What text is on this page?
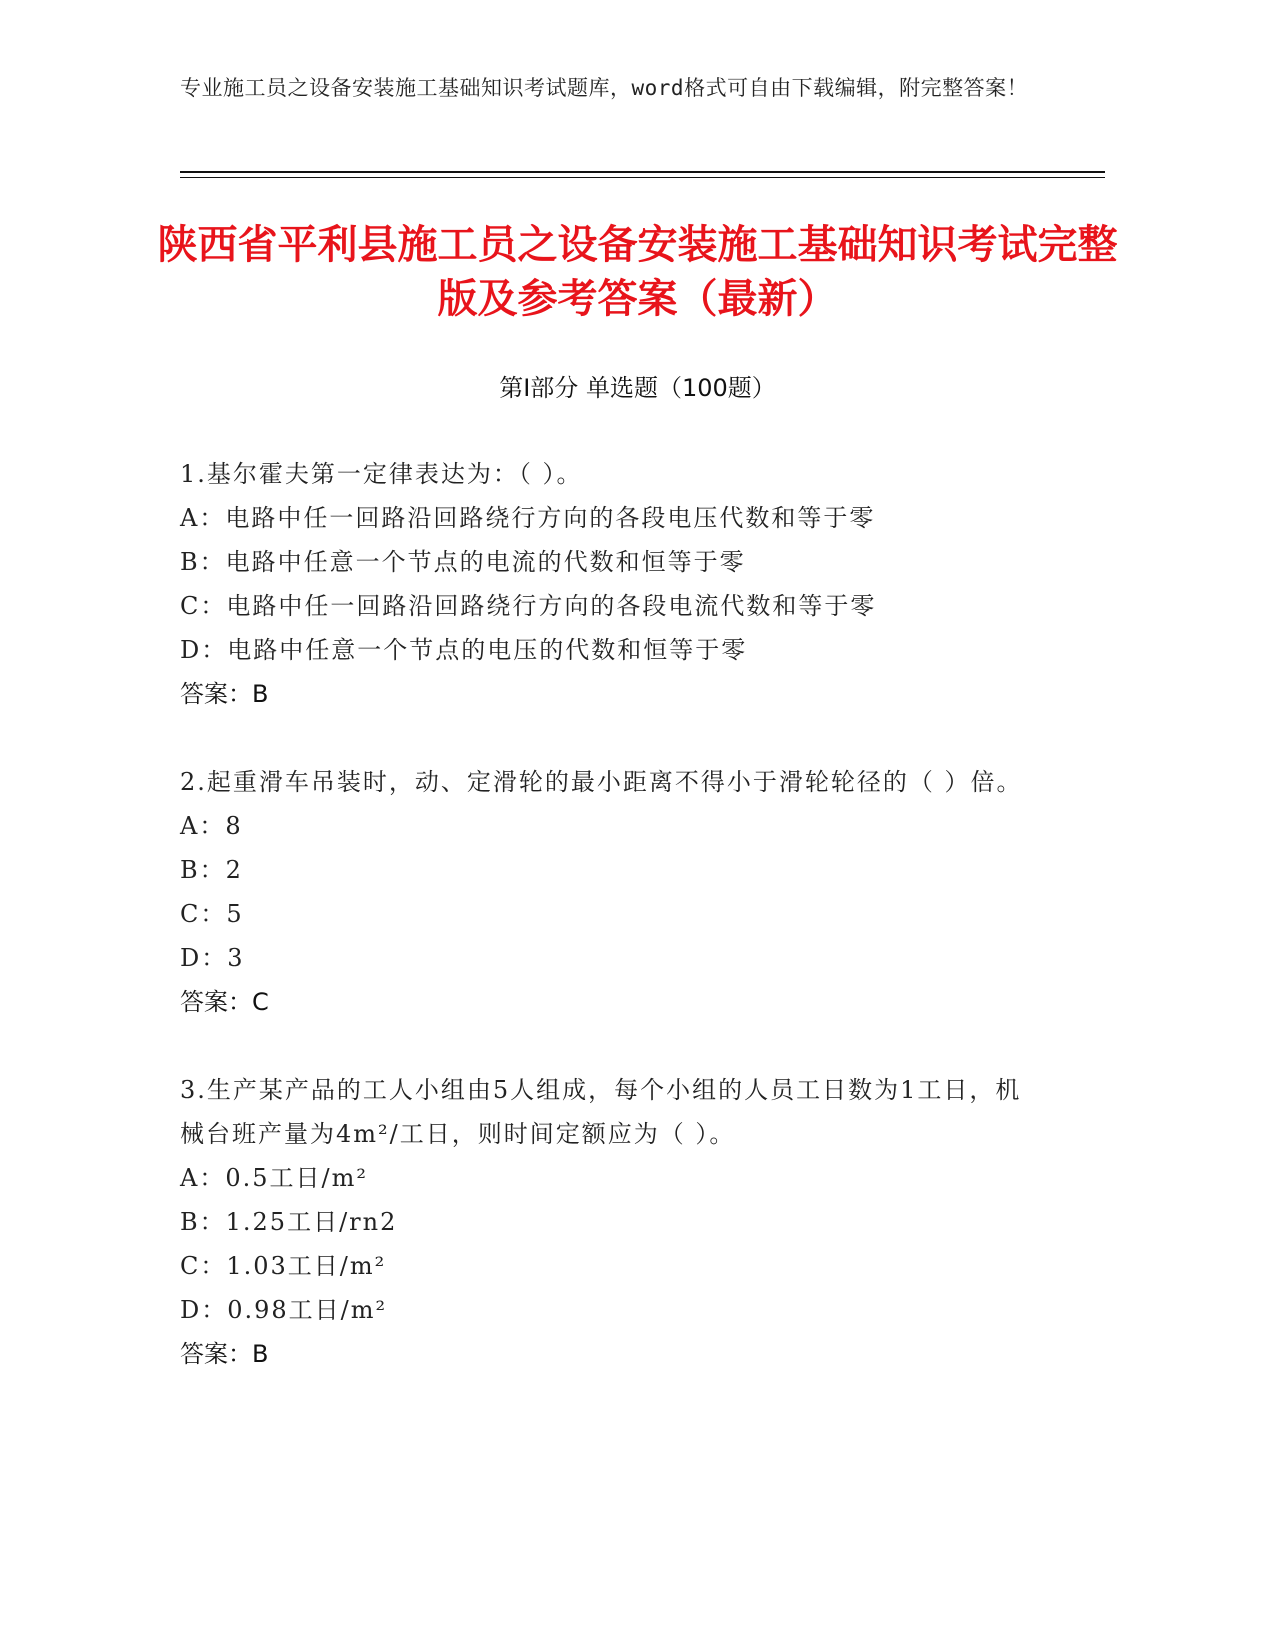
专业施工员之设备安装施工基础知识考试题库，word格式可自由下载编辑，附完整答案！
陕西省平利县施工员之设备安装施工基础知识考试完整版及参考答案（最新）
第Ⅰ部分 单选题（100题）
1.基尔霍夫第一定律表达为：（ ）。
A：电路中任一回路沿回路绕行方向的各段电压代数和等于零
B：电路中任意一个节点的电流的代数和恒等于零
C：电路中任一回路沿回路绕行方向的各段电流代数和等于零
D：电路中任意一个节点的电压的代数和恒等于零
答案：B
2.起重滑车吊装时，动、定滑轮的最小距离不得小于滑轮轮径的（ ）倍。
A：8
B：2
C：5
D：3
答案：C
3.生产某产品的工人小组由5人组成，每个小组的人员工日数为1工日，机械台班产量为4m²/工日，则时间定额应为（ ）。
A：0.5工日/m²
B：1.25工日/rn2
C：1.03工日/m²
D：0.98工日/m²
答案：B
